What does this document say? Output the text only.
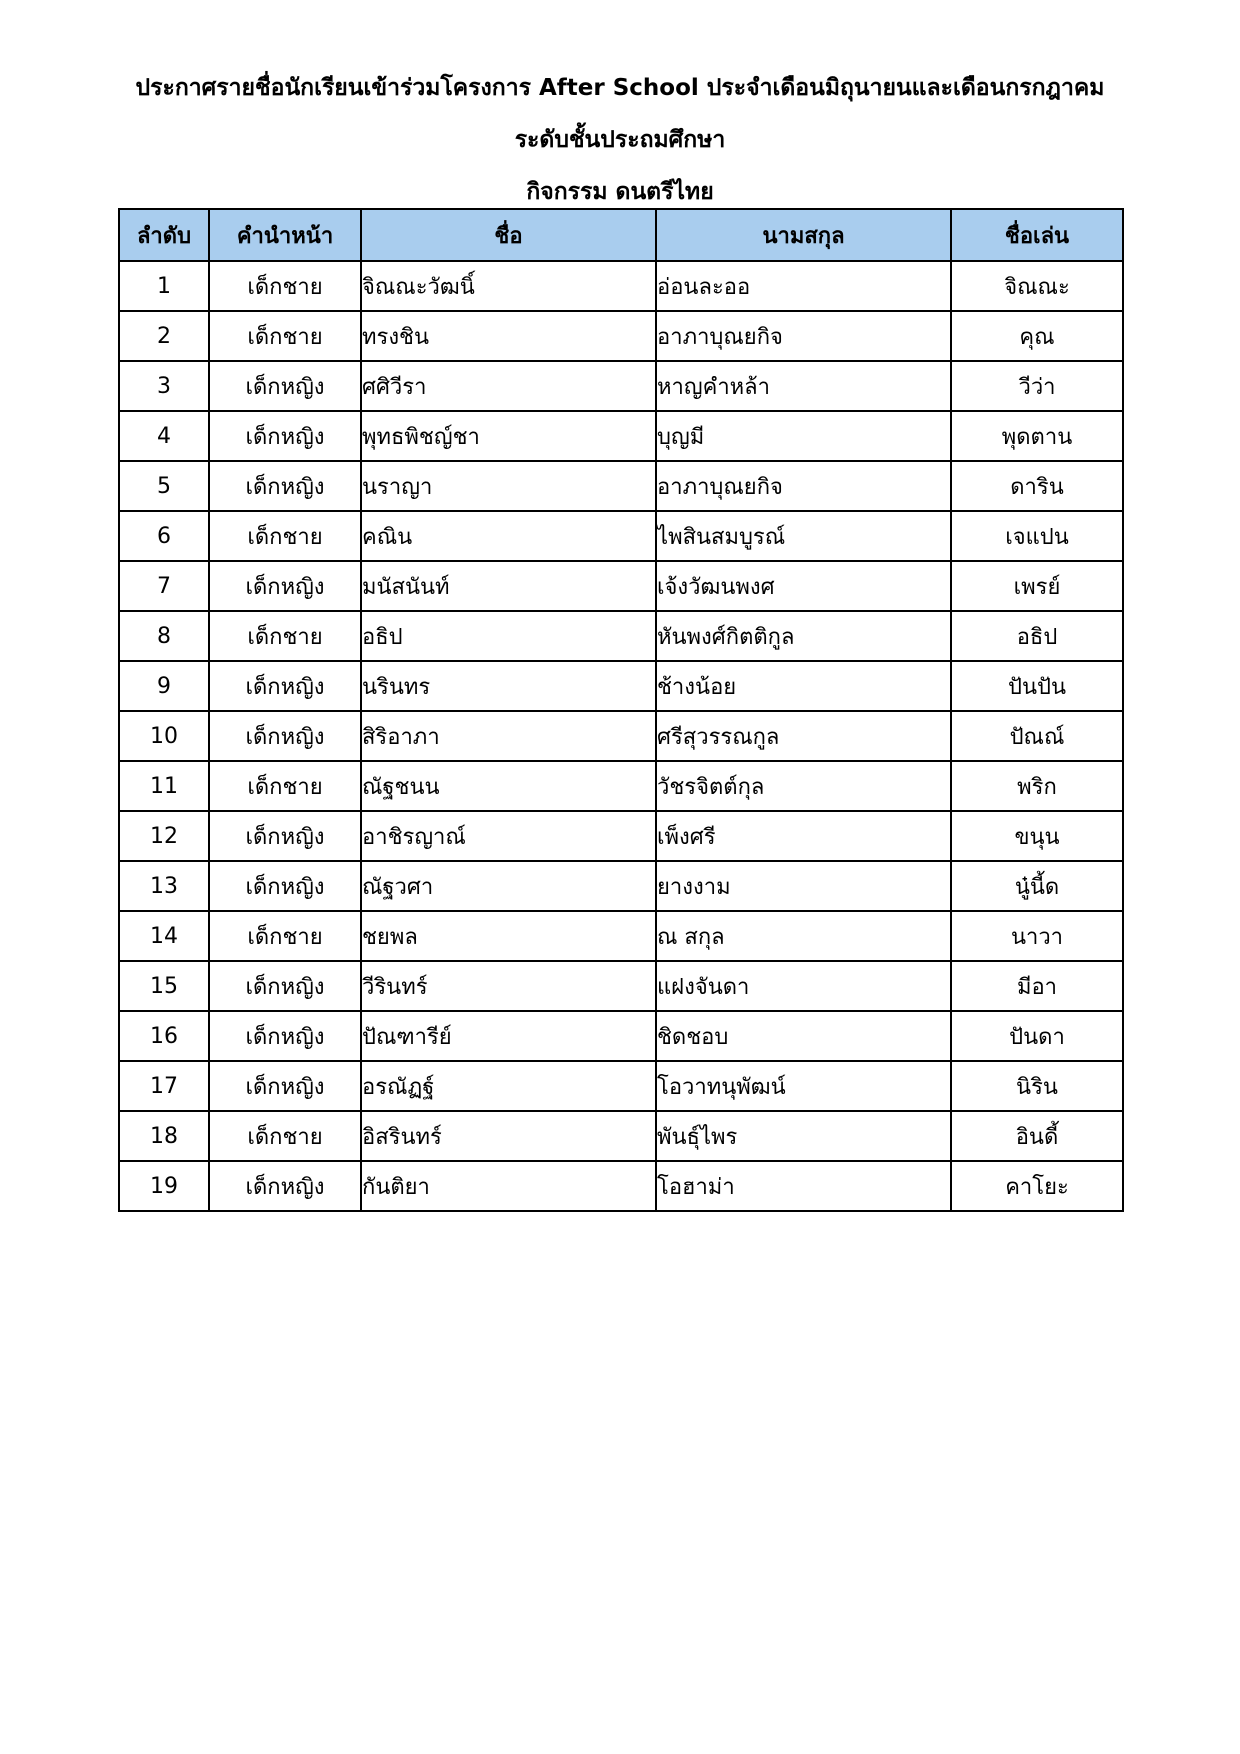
ประกาศรายชื่อนักเรียนเข้าร่วมโครงการ After School ประจำเดือนมิถุนายนและเดือนกรกฎาคม

ระดับชั้นประถมศึกษา

กิจกรรม ดนตรีไทย

ลำดับ	คำนำหน้า	ชื่อ	นามสกุล	ชื่อเล่น
1	เด็กชาย	จิณณะวัฒนิ์	อ่อนละออ	จิณณะ
2	เด็กชาย	ทรงชิน	อาภาบุณยกิจ	คุณ
3	เด็กหญิง	ศศิวีรา	หาญคำหล้า	วีว่า
4	เด็กหญิง	พุทธพิชญ์ชา	บุญมี	พุดตาน
5	เด็กหญิง	นราญา	อาภาบุณยกิจ	ดาริน
6	เด็กชาย	คณิน	ไพสินสมบูรณ์	เจแปน
7	เด็กหญิง	มนัสนันท์	เจ้งวัฒนพงศ	เพรย์
8	เด็กชาย	อธิป	หันพงศ์กิตติกูล	อธิป
9	เด็กหญิง	นรินทร	ช้างน้อย	ปันปัน
10	เด็กหญิง	สิริอาภา	ศรีสุวรรณกูล	ปัณณ์
11	เด็กชาย	ณัฐชนน	วัชรจิตต์กุล	พริก
12	เด็กหญิง	อาชิรญาณ์	เพ็งศรี	ขนุน
13	เด็กหญิง	ณัฐวศา	ยางงาม	นู๋นี้ด
14	เด็กชาย	ชยพล	ณ สกุล	นาวา
15	เด็กหญิง	วีรินทร์	แฝงจันดา	มีอา
16	เด็กหญิง	ปัณฑารีย์	ชิดชอบ	ปันดา
17	เด็กหญิง	อรณัฏฐ์	โอวาทนุพัฒน์	นิริน
18	เด็กชาย	อิสรินทร์	พันธุ์ไพร	อินดี้
19	เด็กหญิง	กันติยา	โอฮาม่า	คาโยะ
